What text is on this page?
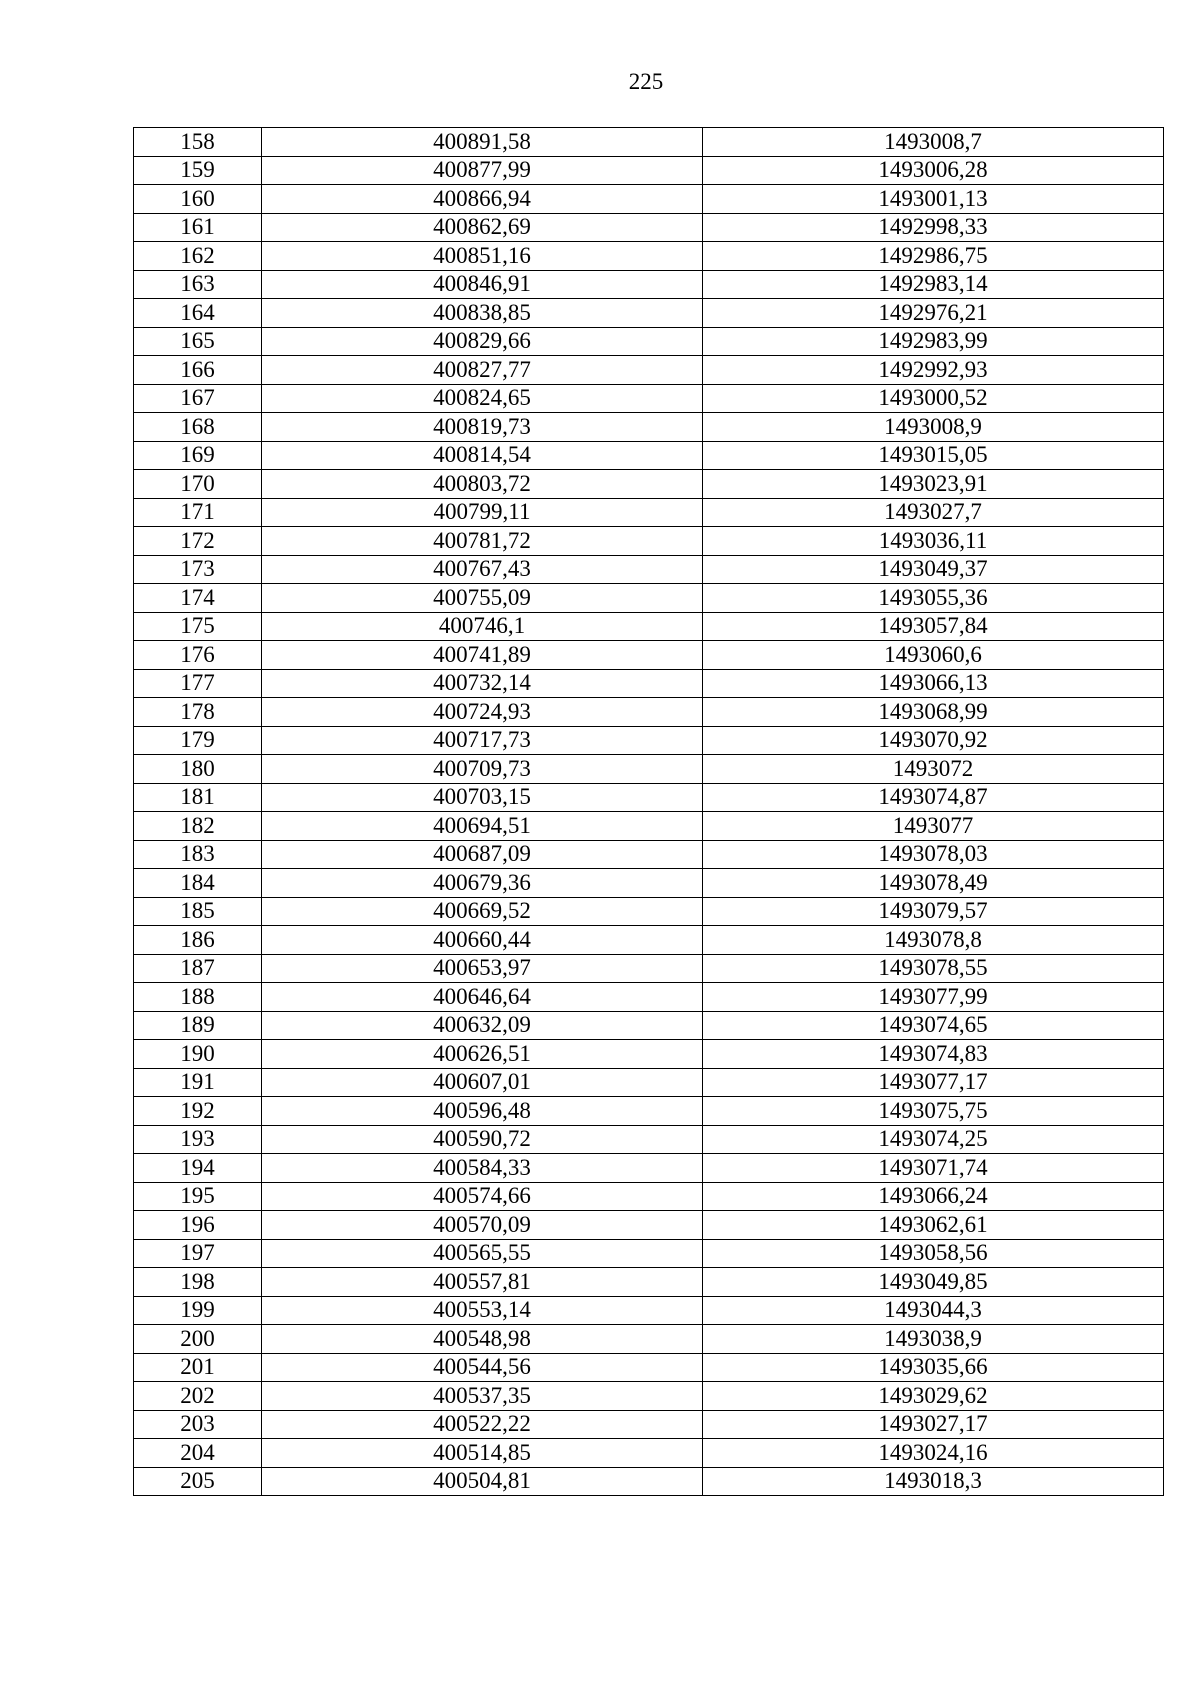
225
158	400891,58	1493008,7
159	400877,99	1493006,28
160	400866,94	1493001,13
161	400862,69	1492998,33
162	400851,16	1492986,75
163	400846,91	1492983,14
164	400838,85	1492976,21
165	400829,66	1492983,99
166	400827,77	1492992,93
167	400824,65	1493000,52
168	400819,73	1493008,9
169	400814,54	1493015,05
170	400803,72	1493023,91
171	400799,11	1493027,7
172	400781,72	1493036,11
173	400767,43	1493049,37
174	400755,09	1493055,36
175	400746,1	1493057,84
176	400741,89	1493060,6
177	400732,14	1493066,13
178	400724,93	1493068,99
179	400717,73	1493070,92
180	400709,73	1493072
181	400703,15	1493074,87
182	400694,51	1493077
183	400687,09	1493078,03
184	400679,36	1493078,49
185	400669,52	1493079,57
186	400660,44	1493078,8
187	400653,97	1493078,55
188	400646,64	1493077,99
189	400632,09	1493074,65
190	400626,51	1493074,83
191	400607,01	1493077,17
192	400596,48	1493075,75
193	400590,72	1493074,25
194	400584,33	1493071,74
195	400574,66	1493066,24
196	400570,09	1493062,61
197	400565,55	1493058,56
198	400557,81	1493049,85
199	400553,14	1493044,3
200	400548,98	1493038,9
201	400544,56	1493035,66
202	400537,35	1493029,62
203	400522,22	1493027,17
204	400514,85	1493024,16
205	400504,81	1493018,3
